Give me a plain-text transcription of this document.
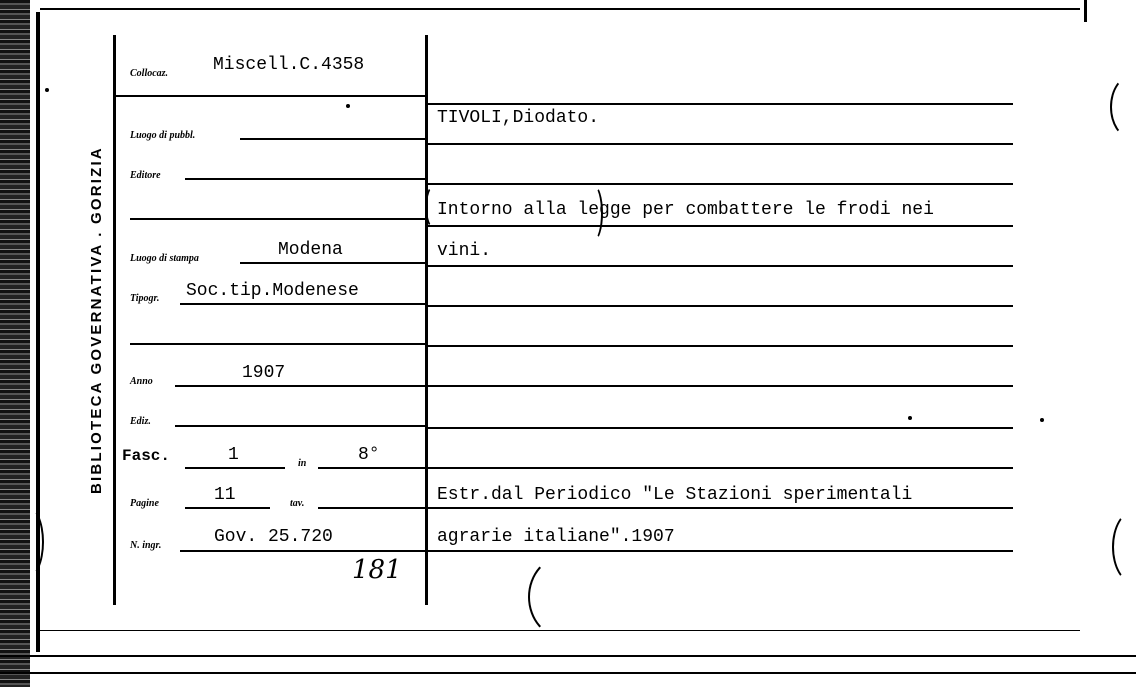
BIBLIOTECA GOVERNATIVA . GORIZIA
Collocaz. Miscell.C.4358
Luogo di pubbl.
Editore
Luogo di stampa	Modena
Tipogr. Soc.tip.Modenese
Anno	1907
Ediz.
Fasc.	1	in	8°
Pagine	11	tav.
N. ingr.	Gov. 25.720
181
TIVOLI,Diodato.
Intorno alla legge per combattere le frodi nei
vini.
Estr.dal Periodico "Le Stazioni sperimentali
agrarie italiane".1907
